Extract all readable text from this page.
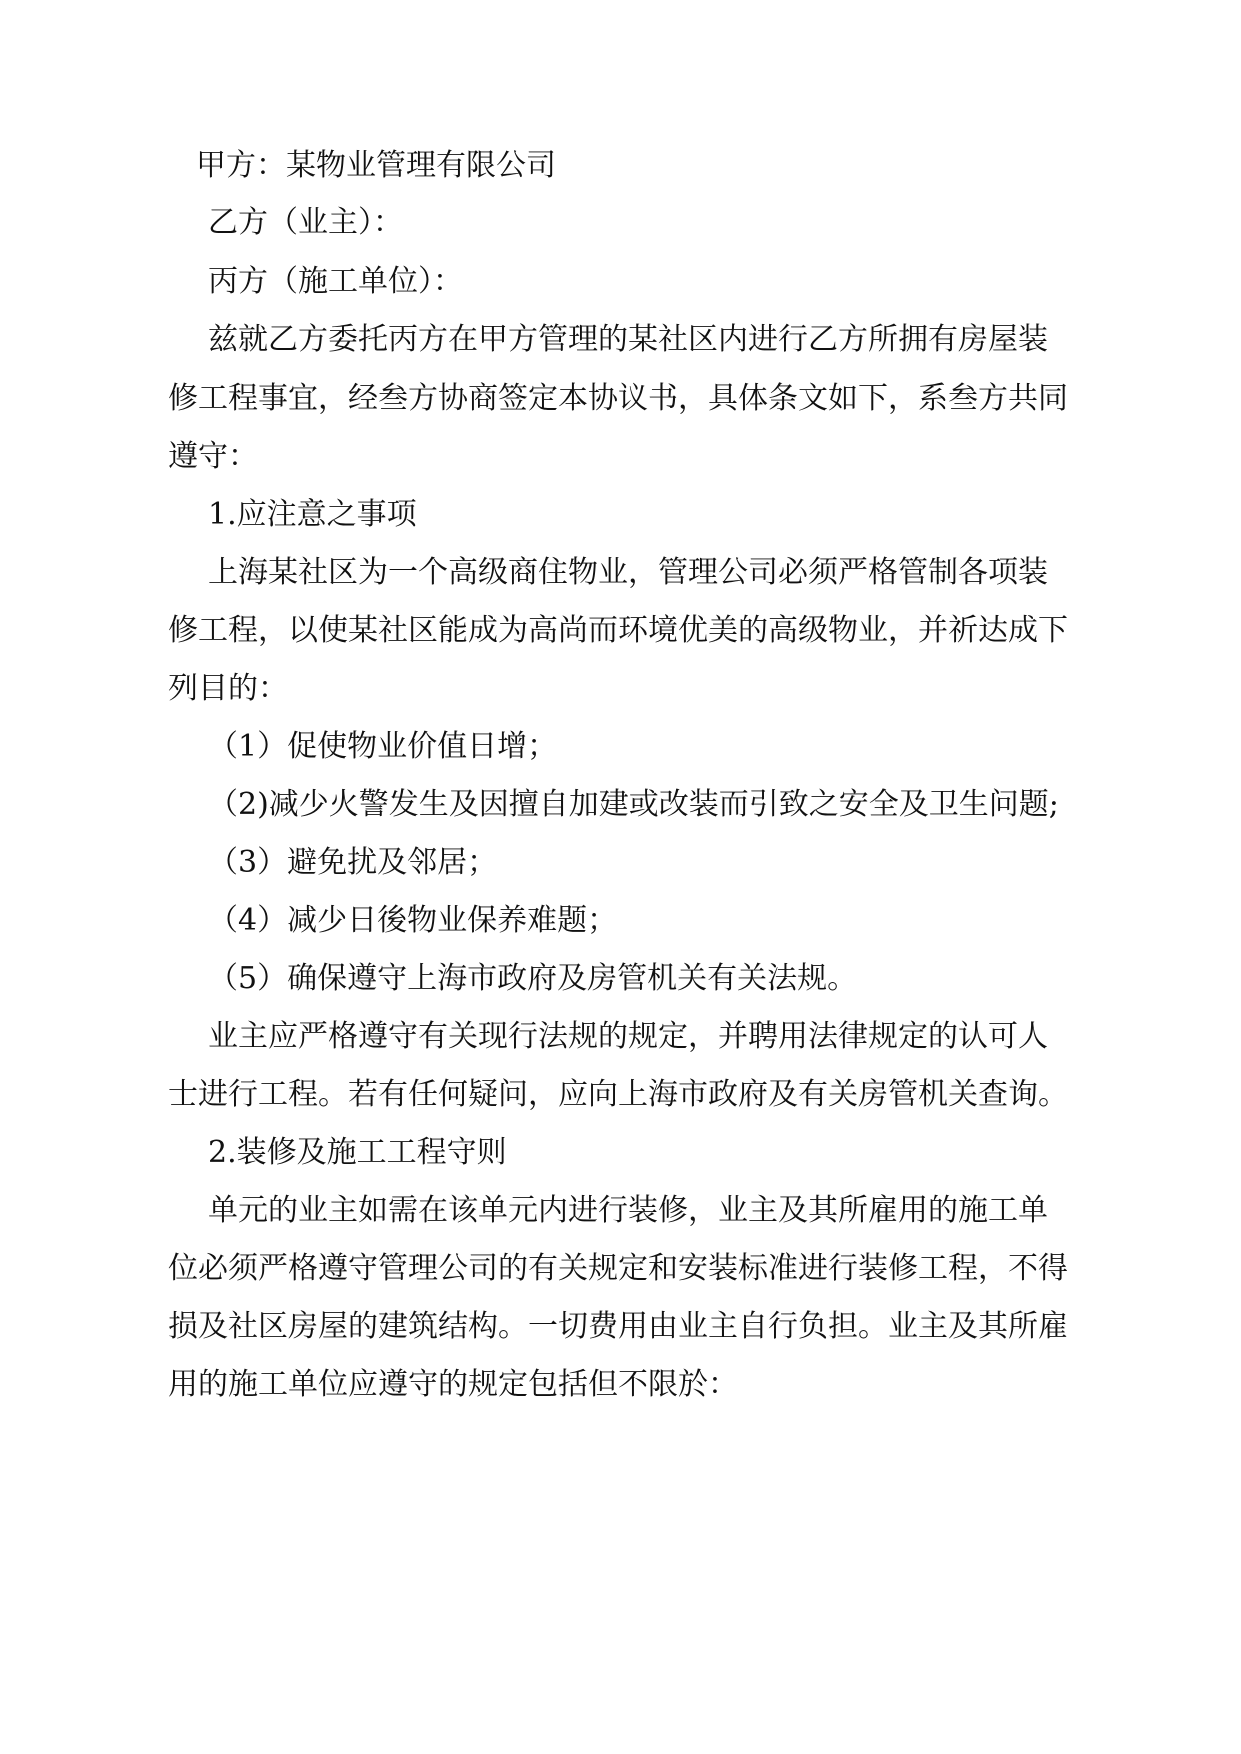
甲方：某物业管理有限公司
乙方（业主）：
丙方（施工单位）：
兹就乙方委托丙方在甲方管理的某社区内进行乙方所拥有房屋装
修工程事宜，经叁方协商签定本协议书，具体条文如下，系叁方共同
遵守：
1.应注意之事项
上海某社区为一个高级商住物业，管理公司必须严格管制各项装
修工程，以使某社区能成为高尚而环境优美的高级物业，并祈达成下
列目的：
（1）促使物业价值日增；
（2)减少火警发生及因擅自加建或改装而引致之安全及卫生问题;
（3）避免扰及邻居；
（4）减少日後物业保养难题；
（5）确保遵守上海市政府及房管机关有关法规。
业主应严格遵守有关现行法规的规定，并聘用法律规定的认可人
士进行工程。若有任何疑问，应向上海市政府及有关房管机关查询。
2.装修及施工工程守则
单元的业主如需在该单元内进行装修，业主及其所雇用的施工单
位必须严格遵守管理公司的有关规定和安装标准进行装修工程，不得
损及社区房屋的建筑结构。一切费用由业主自行负担。业主及其所雇
用的施工单位应遵守的规定包括但不限於：
